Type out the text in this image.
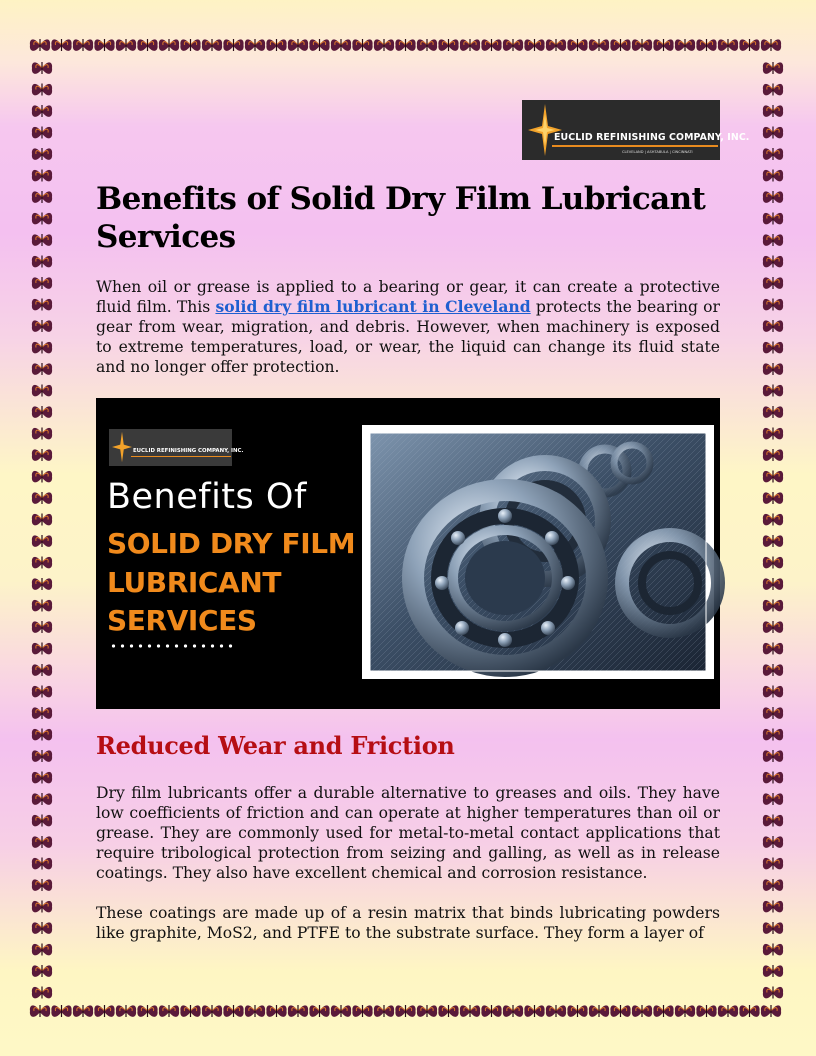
EUCLID REFINISHING COMPANY, INC.
CLEVELAND | ASHTABULA | CINCINNATI
Benefits of Solid Dry Film Lubricant Services

When oil or grease is applied to a bearing or gear, it can create a protective fluid film. This solid dry film lubricant in Cleveland protects the bearing or gear from wear, migration, and debris. However, when machinery is exposed to extreme temperatures, load, or wear, the liquid can change its fluid state and no longer offer protection.

EUCLID REFINISHING COMPANY, INC.
Benefits Of
SOLID DRY FILM
LUBRICANT
SERVICES
Reduced Wear and Friction

Dry film lubricants offer a durable alternative to greases and oils. They have low coefficients of friction and can operate at higher temperatures than oil or grease. They are commonly used for metal-to-metal contact applications that require tribological protection from seizing and galling, as well as in release coatings. They also have excellent chemical and corrosion resistance.

These coatings are made up of a resin matrix that binds lubricating powders like graphite, MoS2, and PTFE to the substrate surface. They form a layer of
